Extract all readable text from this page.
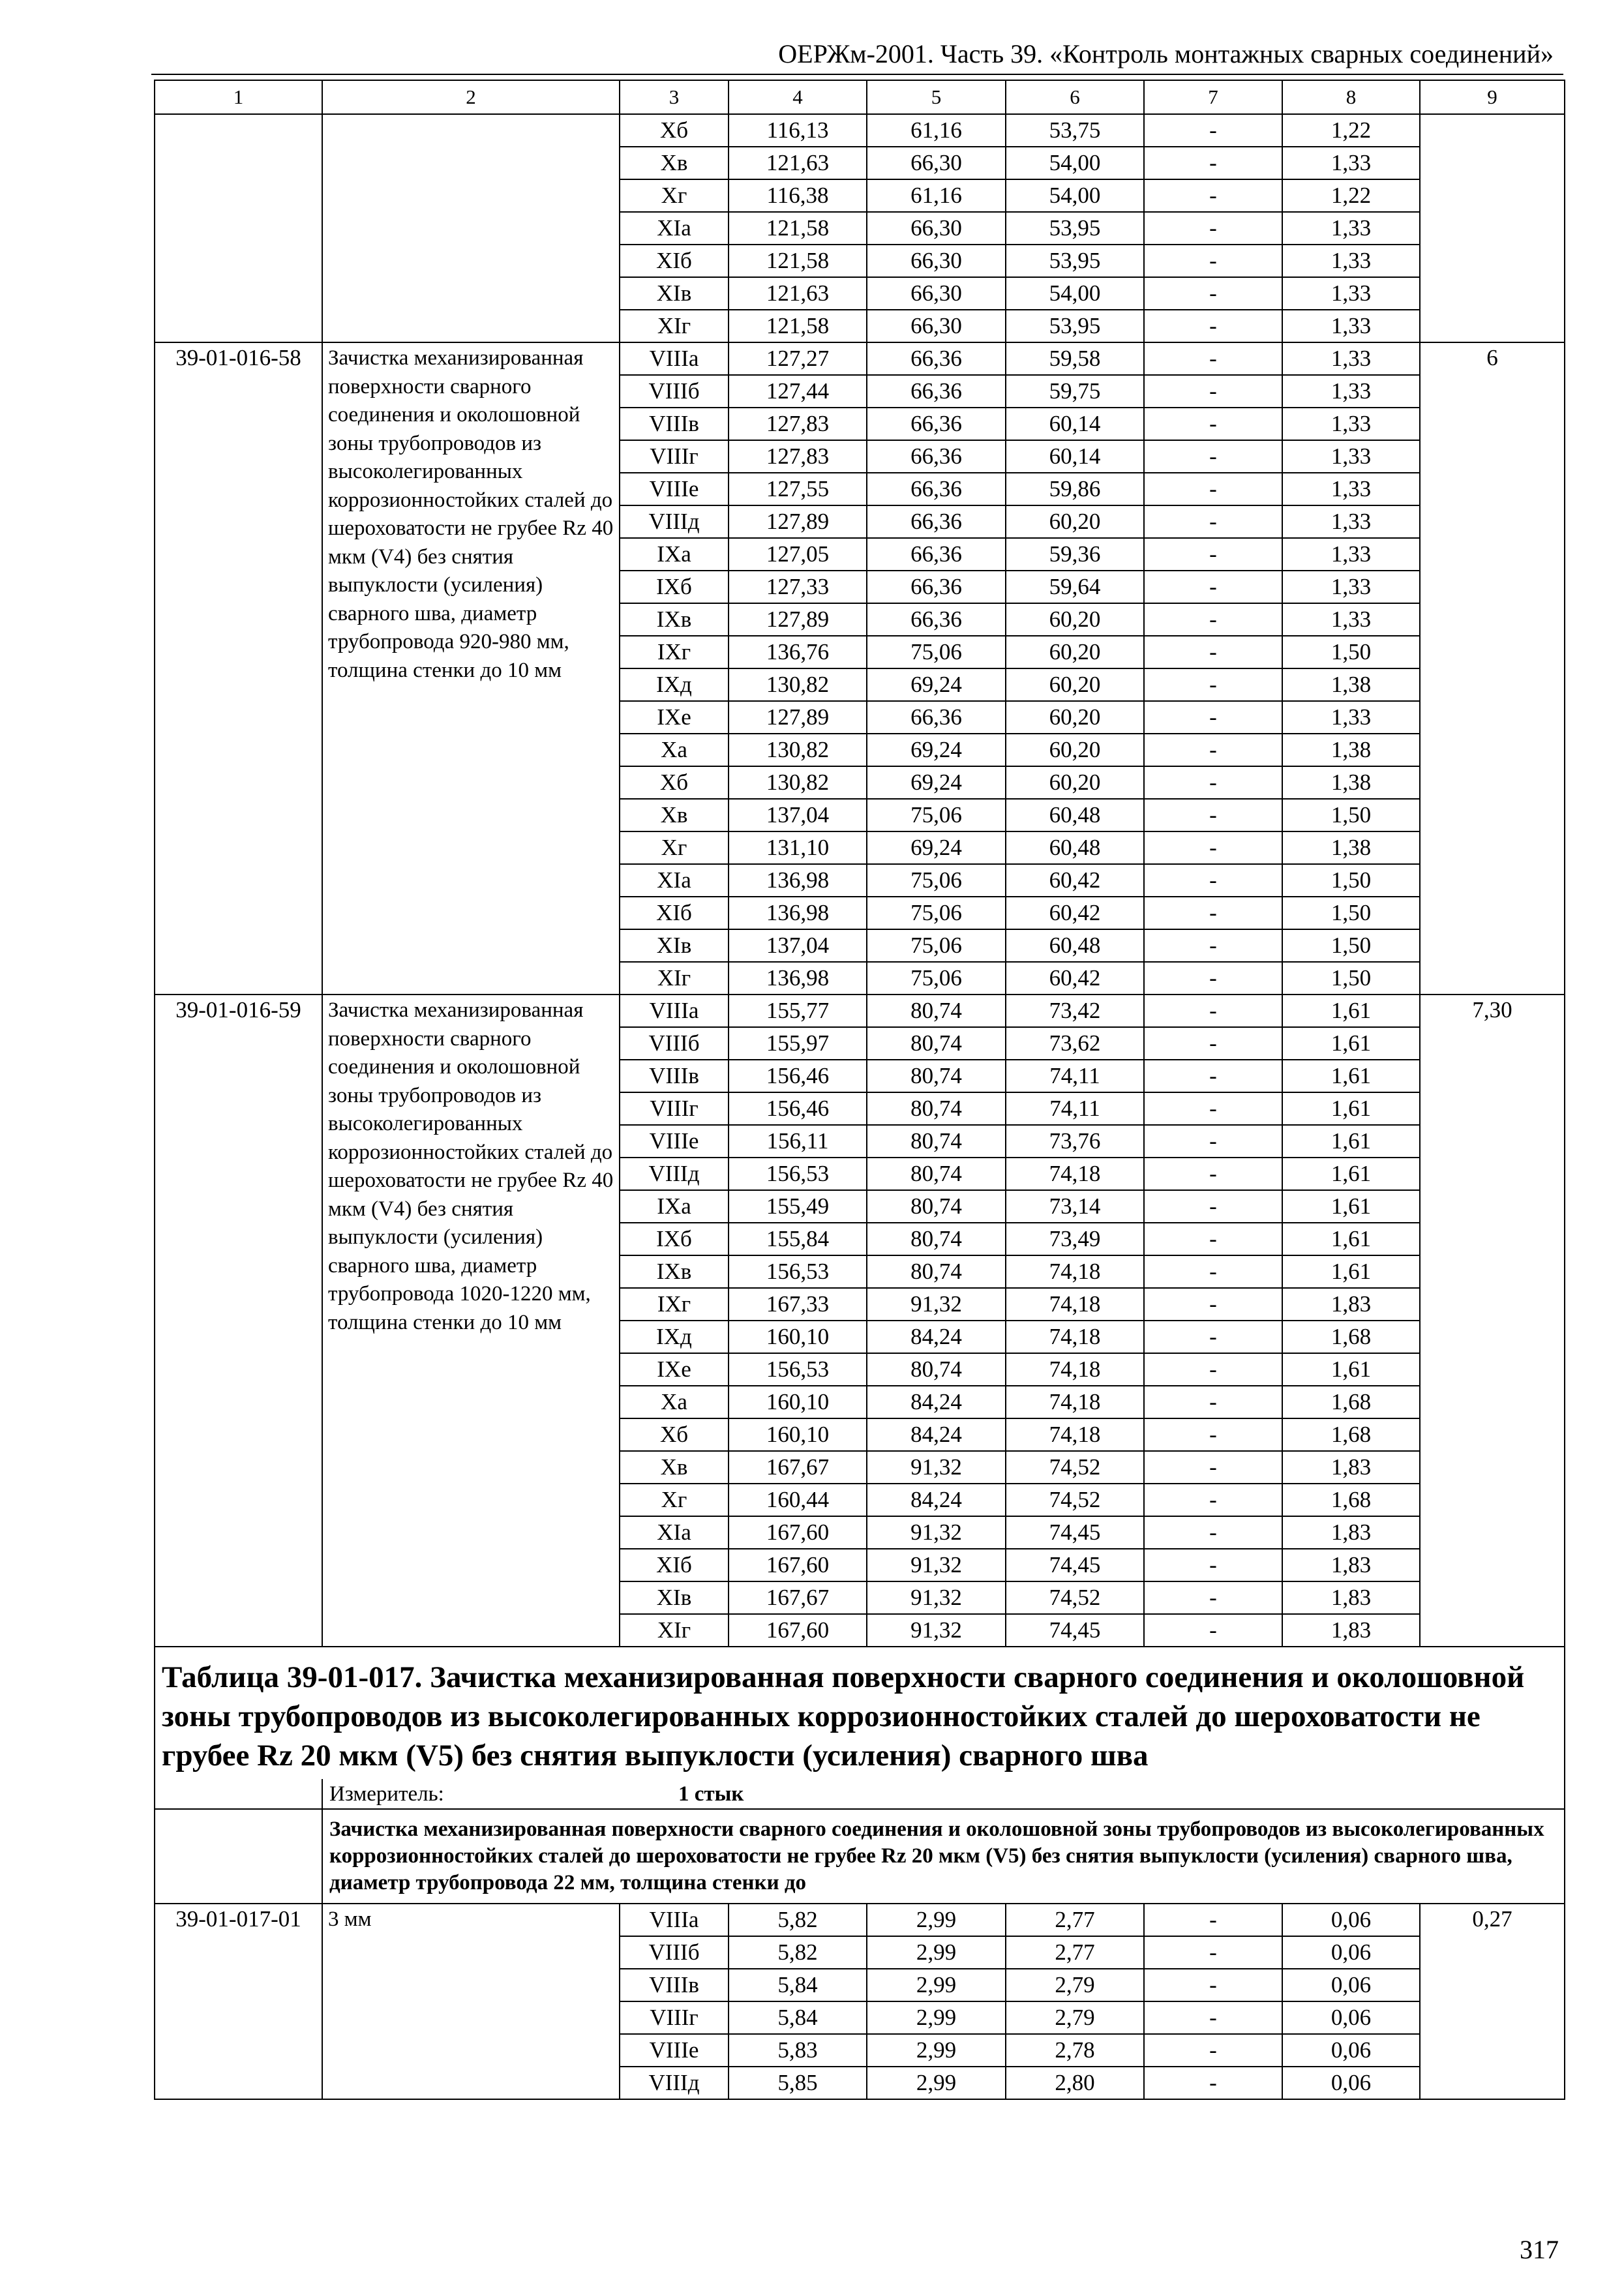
ОЕРЖм-2001. Часть 39. «Контроль монтажных сварных соединений»
1	2	3	4	5	6	7	8	9
		Хб	116,13	61,16	53,75	-	1,22	
		Хв	121,63	66,30	54,00	-	1,33	
		Хг	116,38	61,16	54,00	-	1,22	
		XIа	121,58	66,30	53,95	-	1,33	
		XIб	121,58	66,30	53,95	-	1,33	
		XIв	121,63	66,30	54,00	-	1,33	
		XIг	121,58	66,30	53,95	-	1,33	
39-01-016-58	Зачистка механизированная поверхности сварного соединения и околошовной зоны трубопроводов из высоколегированных коррозионностойких сталей до шероховатости не грубее Rz 40 мкм (V4) без снятия выпуклости (усиления) сварного шва, диаметр трубопровода 920-980 мм, толщина стенки до 10 мм	VIIIа	127,27	66,36	59,58	-	1,33	6
		VIIIб	127,44	66,36	59,75	-	1,33	
		VIIIв	127,83	66,36	60,14	-	1,33	
		VIIIг	127,83	66,36	60,14	-	1,33	
		VIIIе	127,55	66,36	59,86	-	1,33	
		VIIIд	127,89	66,36	60,20	-	1,33	
		IXа	127,05	66,36	59,36	-	1,33	
		IXб	127,33	66,36	59,64	-	1,33	
		IXв	127,89	66,36	60,20	-	1,33	
		IXг	136,76	75,06	60,20	-	1,50	
		IXд	130,82	69,24	60,20	-	1,38	
		IXе	127,89	66,36	60,20	-	1,33	
		Ха	130,82	69,24	60,20	-	1,38	
		Хб	130,82	69,24	60,20	-	1,38	
		Хв	137,04	75,06	60,48	-	1,50	
		Хг	131,10	69,24	60,48	-	1,38	
		XIа	136,98	75,06	60,42	-	1,50	
		XIб	136,98	75,06	60,42	-	1,50	
		XIв	137,04	75,06	60,48	-	1,50	
		XIг	136,98	75,06	60,42	-	1,50	
39-01-016-59	Зачистка механизированная поверхности сварного соединения и околошовной зоны трубопроводов из высоколегированных коррозионностойких сталей до шероховатости не грубее Rz 40 мкм (V4) без снятия выпуклости (усиления) сварного шва, диаметр трубопровода 1020-1220 мм, толщина стенки до 10 мм	VIIIа	155,77	80,74	73,42	-	1,61	7,30
		VIIIб	155,97	80,74	73,62	-	1,61	
		VIIIв	156,46	80,74	74,11	-	1,61	
		VIIIг	156,46	80,74	74,11	-	1,61	
		VIIIе	156,11	80,74	73,76	-	1,61	
		VIIIд	156,53	80,74	74,18	-	1,61	
		IXа	155,49	80,74	73,14	-	1,61	
		IXб	155,84	80,74	73,49	-	1,61	
		IXв	156,53	80,74	74,18	-	1,61	
		IXг	167,33	91,32	74,18	-	1,83	
		IXд	160,10	84,24	74,18	-	1,68	
		IXе	156,53	80,74	74,18	-	1,61	
		Ха	160,10	84,24	74,18	-	1,68	
		Хб	160,10	84,24	74,18	-	1,68	
		Хв	167,67	91,32	74,52	-	1,83	
		Хг	160,44	84,24	74,52	-	1,68	
		XIа	167,60	91,32	74,45	-	1,83	
		XIб	167,60	91,32	74,45	-	1,83	
		XIв	167,67	91,32	74,52	-	1,83	
		XIг	167,60	91,32	74,45	-	1,83	
Таблица 39-01-017. Зачистка механизированная поверхности сварного соединения и околошовной зоны трубопроводов из высоколегированных коррозионностойких сталей до шероховатости не грубее Rz 20 мкм (V5) без снятия выпуклости (усиления) сварного шва								
	Измеритель:	1 стык						
	Зачистка механизированная поверхности сварного соединения и околошовной зоны трубопроводов из высоколегированных коррозионностойких сталей до шероховатости не грубее Rz 20 мкм (V5) без снятия выпуклости (усиления) сварного шва, диаметр трубопровода 22 мм, толщина стенки до							
39-01-017-01	3 мм	VIIIа	5,82	2,99	2,77	-	0,06	0,27
		VIIIб	5,82	2,99	2,77	-	0,06	
		VIIIв	5,84	2,99	2,79	-	0,06	
		VIIIг	5,84	2,99	2,79	-	0,06	
		VIIIе	5,83	2,99	2,78	-	0,06	
		VIIIд	5,85	2,99	2,80	-	0,06	
317
